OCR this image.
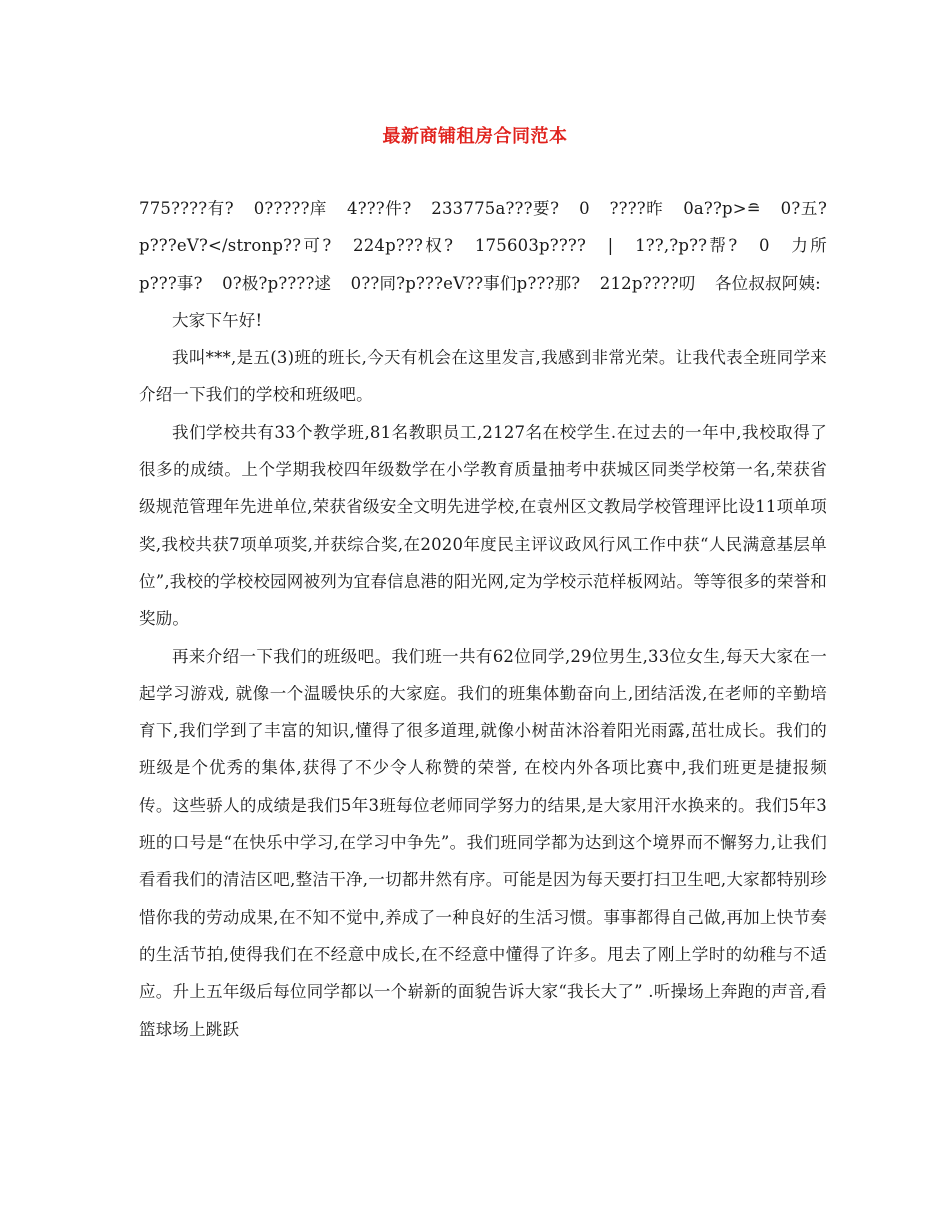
最新商铺租房合同范本

775????有? 0?????庠 4???件? 233775a???要? 0 ????昨 0a??p>≘ 0?五?p???eV?</stronp??可? 224p???权? 175603p???? | 1??,?p??帮? 0 力所p???事? 0?极?p????逑 0??同?p???eV??事们p???那? 212p????叨 各位叔叔阿姨:

大家下午好!

我叫***,是五(3)班的班长,今天有机会在这里发言,我感到非常光荣。让我代表全班同学来介绍一下我们的学校和班级吧。

我们学校共有33个教学班,81名教职员工,2127名在校学生.在过去的一年中,我校取得了很多的成绩。上个学期我校四年级数学在小学教育质量抽考中获城区同类学校第一名,荣获省级规范管理年先进单位,荣获省级安全文明先进学校,在袁州区文教局学校管理评比设11项单项奖,我校共获7项单项奖,并获综合奖,在2020年度民主评议政风行风工作中获“人民满意基层单位”,我校的学校校园网被列为宜春信息港的阳光网,定为学校示范样板网站。等等很多的荣誉和奖励。

再来介绍一下我们的班级吧。我们班一共有62位同学,29位男生,33位女生,每天大家在一起学习游戏, 就像一个温暖快乐的大家庭。我们的班集体勤奋向上,团结活泼,在老师的辛勤培育下,我们学到了丰富的知识,懂得了很多道理,就像小树苗沐浴着阳光雨露,茁壮成长。我们的班级是个优秀的集体,获得了不少令人称赞的荣誉, 在校内外各项比赛中,我们班更是捷报频传。这些骄人的成绩是我们5年3班每位老师同学努力的结果,是大家用汗水换来的。我们5年3班的口号是“在快乐中学习,在学习中争先”。我们班同学都为达到这个境界而不懈努力,让我们看看我们的清洁区吧,整洁干净,一切都井然有序。可能是因为每天要打扫卫生吧,大家都特别珍惜你我的劳动成果,在不知不觉中,养成了一种良好的生活习惯。事事都得自己做,再加上快节奏的生活节拍,使得我们在不经意中成长,在不经意中懂得了许多。甩去了刚上学时的幼稚与不适应。升上五年级后每位同学都以一个崭新的面貌告诉大家“我长大了” .听操场上奔跑的声音,看篮球场上跳跃
